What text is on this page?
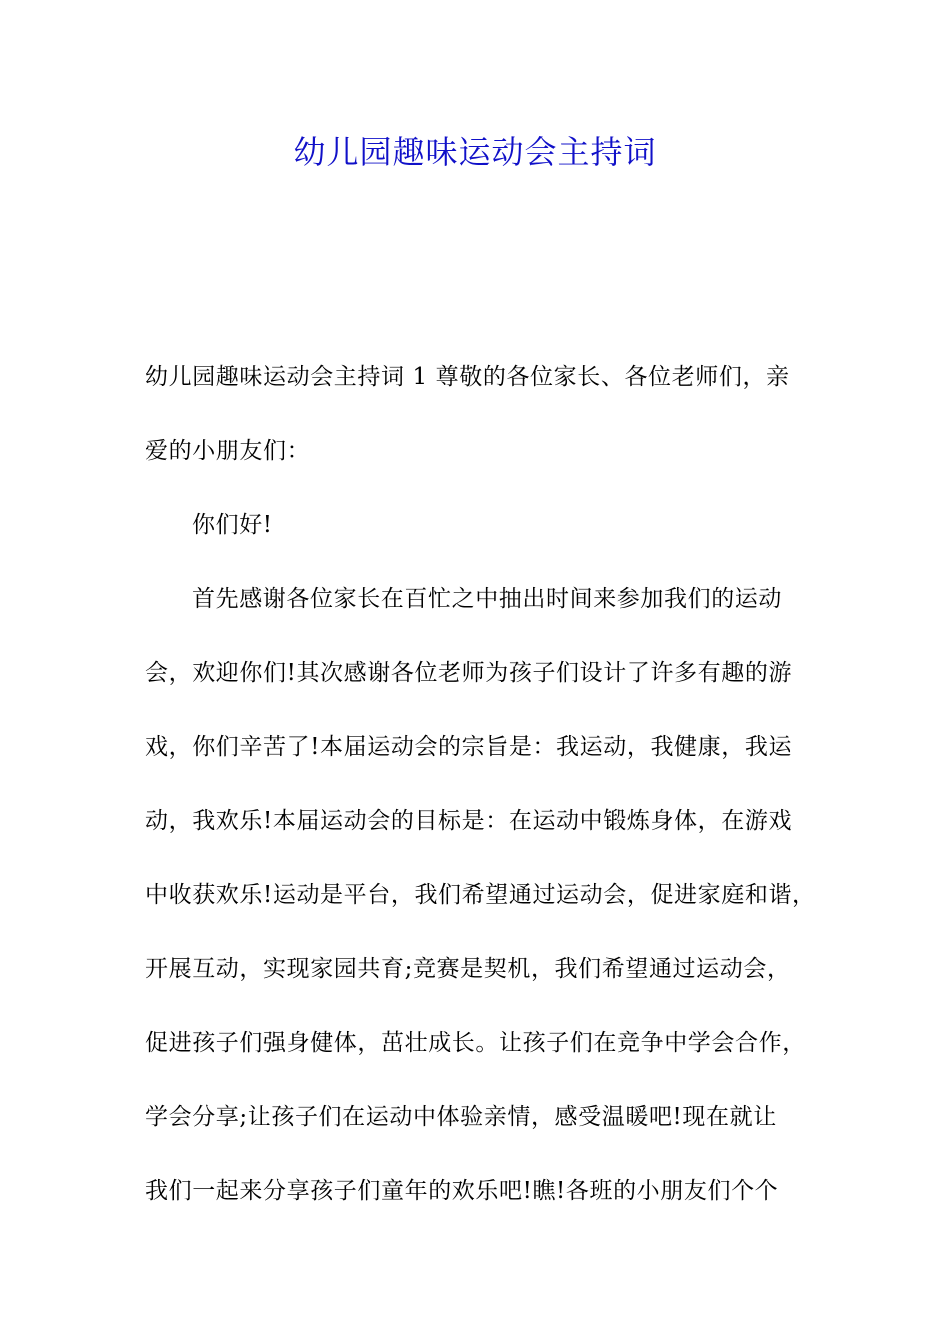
幼儿园趣味运动会主持词
幼儿园趣味运动会主持词 1 尊敬的各位家长、各位老师们，亲
爱的小朋友们：
你们好!
首先感谢各位家长在百忙之中抽出时间来参加我们的运动
会，欢迎你们!其次感谢各位老师为孩子们设计了许多有趣的游
戏，你们辛苦了!本届运动会的宗旨是：我运动，我健康，我运
动，我欢乐!本届运动会的目标是：在运动中锻炼身体，在游戏
中收获欢乐!运动是平台，我们希望通过运动会，促进家庭和谐，
开展互动，实现家园共育;竞赛是契机，我们希望通过运动会，
促进孩子们强身健体，茁壮成长。让孩子们在竞争中学会合作，
学会分享;让孩子们在运动中体验亲情，感受温暖吧!现在就让
我们一起来分享孩子们童年的欢乐吧!瞧!各班的小朋友们个个
